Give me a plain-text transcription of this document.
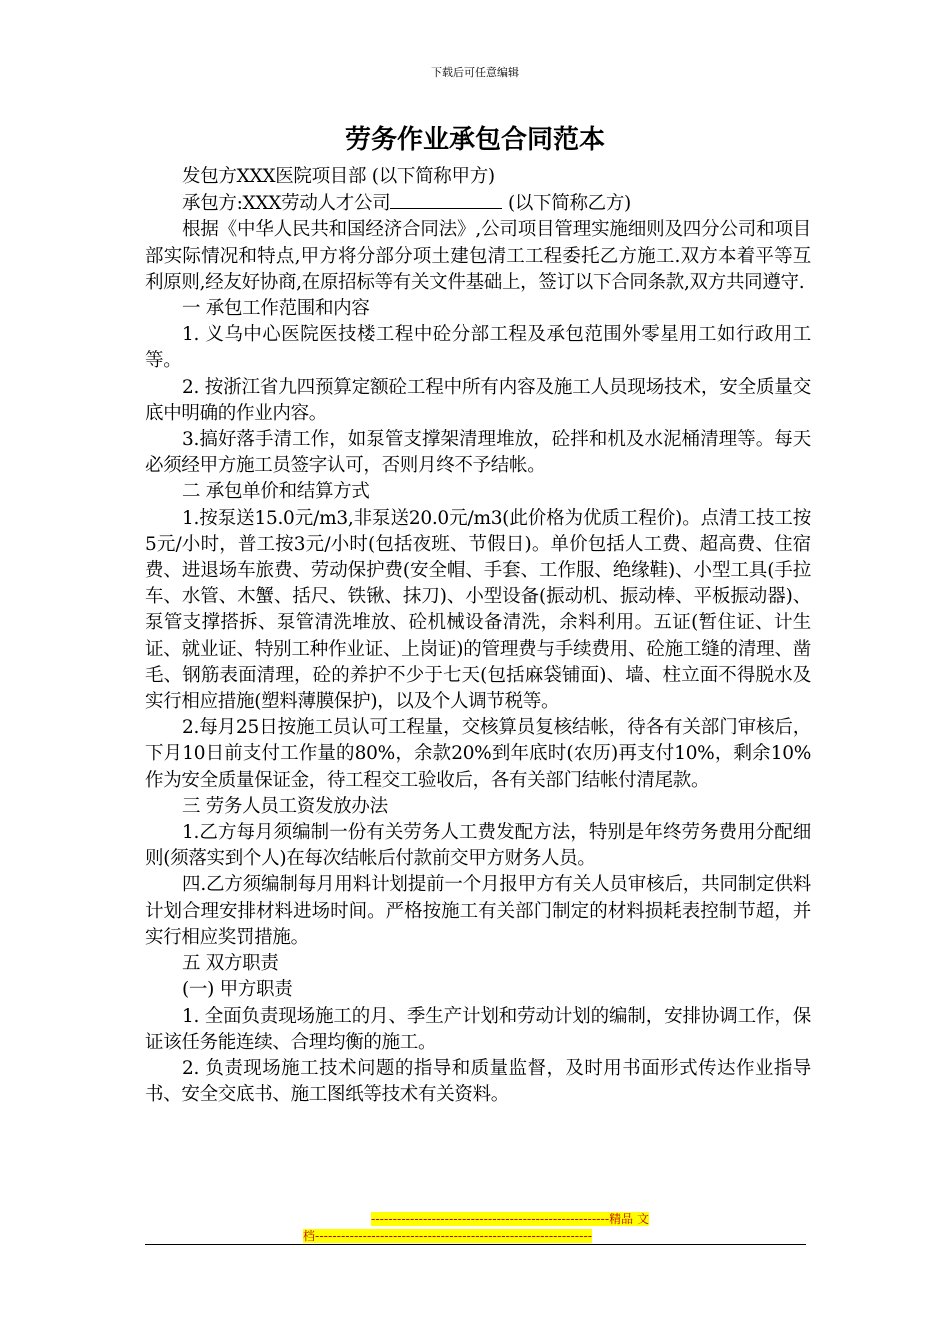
下载后可任意编辑
劳务作业承包合同范本

发包方XXX医院项目部 (以下简称甲方)

承包方:XXX劳动人才公司	(以下简称乙方)

根据《中华人民共和国经济合同法》,公司项目管理实施细则及四分公司和项目部实际情况和特点,甲方将分部分项土建包清工工程委托乙方施工.双方本着平等互利原则,经友好协商,在原招标等有关文件基础上，签订以下合同条款,双方共同遵守.

一 承包工作范围和内容

1. 义乌中心医院医技楼工程中砼分部工程及承包范围外零星用工如行政用工等。

2. 按浙江省九四预算定额砼工程中所有内容及施工人员现场技术，安全质量交底中明确的作业内容。

3.搞好落手清工作，如泵管支撑架清理堆放，砼拌和机及水泥桶清理等。每天必须经甲方施工员签字认可，否则月终不予结帐。

二 承包单价和结算方式

1.按泵送15.0元/m3,非泵送20.0元/m3(此价格为优质工程价)。点清工技工按5元/小时，普工按3元/小时(包括夜班、节假日)。单价包括人工费、超高费、住宿费、进退场车旅费、劳动保护费(安全帽、手套、工作服、绝缘鞋)、小型工具(手拉车、水管、木蟹、括尺、铁锹、抹刀)、小型设备(振动机、振动棒、平板振动器)、泵管支撑搭拆、泵管清洗堆放、砼机械设备清洗，余料利用。五证(暂住证、计生证、就业证、特别工种作业证、上岗证)的管理费与手续费用、砼施工缝的清理、凿毛、钢筋表面清理，砼的养护不少于七天(包括麻袋铺面)、墙、柱立面不得脱水及实行相应措施(塑料薄膜保护)，以及个人调节税等。

2.每月25日按施工员认可工程量，交核算员复核结帐，待各有关部门审核后，下月10日前支付工作量的80%，余款20%到年底时(农历)再支付10%，剩余10%作为安全质量保证金，待工程交工验收后，各有关部门结帐付清尾款。

三 劳务人员工资发放办法

1.乙方每月须编制一份有关劳务人工费发配方法，特别是年终劳务费用分配细则(须落实到个人)在每次结帐后付款前交甲方财务人员。

四.乙方须编制每月用料计划提前一个月报甲方有关人员审核后，共同制定供料计划合理安排材料进场时间。严格按施工有关部门制定的材料损耗表控制节超，并实行相应奖罚措施。

五 双方职责

(一) 甲方职责

1. 全面负责现场施工的月、季生产计划和劳动计划的编制，安排协调工作，保证该任务能连续、合理均衡的施工。

2. 负责现场施工技术问题的指导和质量监督，及时用书面形式传达作业指导书、安全交底书、施工图纸等技术有关资料。

-------------------------------------------------------精品 文
档----------------------------------------------------------------
